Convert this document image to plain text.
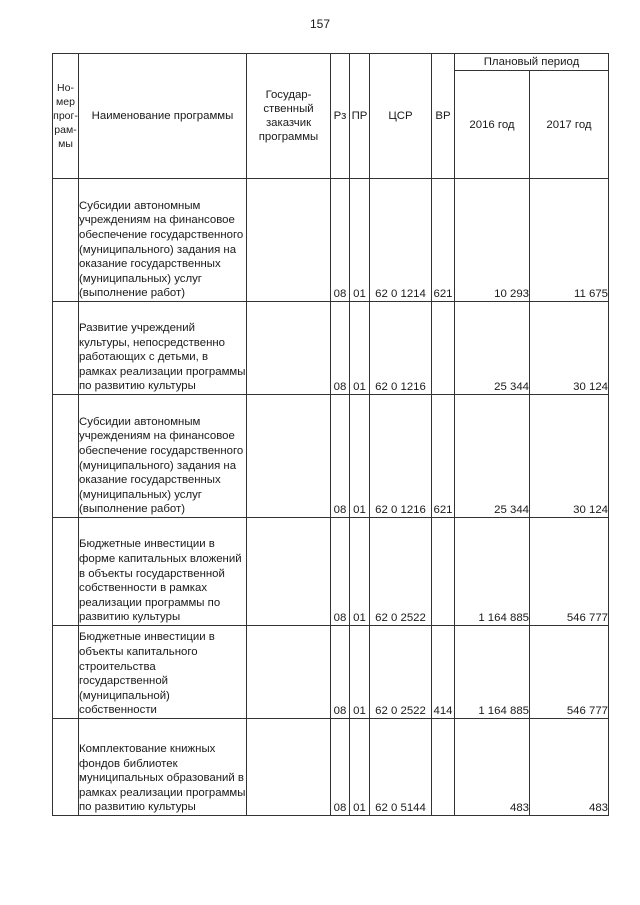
157
Но-
мер
прог-
рам-
мы	Наименование программы	Государ-
ственный
заказчик
программы	Рз	ПР	ЦСР	ВР	Плановый период	
							2016 год	2017 год
	Субсидии автономным учреждениям на финансовое обеспечение государственного (муниципального) задания на оказание государственных (муниципальных) услуг (выполнение работ)		08	01	62 0 1214	621	10 293	11 675
	Развитие учреждений культуры, непосредственно работающих с детьми, в рамках реализации программы по развитию культуры		08	01	62 0 1216		25 344	30 124
	Субсидии автономным учреждениям на финансовое обеспечение государственного (муниципального) задания на оказание государственных (муниципальных) услуг (выполнение работ)		08	01	62 0 1216	621	25 344	30 124
	Бюджетные инвестиции в форме капитальных вложений в объекты государственной собственности в рамках реализации программы по развитию культуры		08	01	62 0 2522		1 164 885	546 777
	Бюджетные инвестиции в объекты капитального строительства государственной (муниципальной) собственности		08	01	62 0 2522	414	1 164 885	546 777
	Комплектование книжных фондов библиотек муниципальных образований в рамках реализации программы по развитию культуры		08	01	62 0 5144		483	483
